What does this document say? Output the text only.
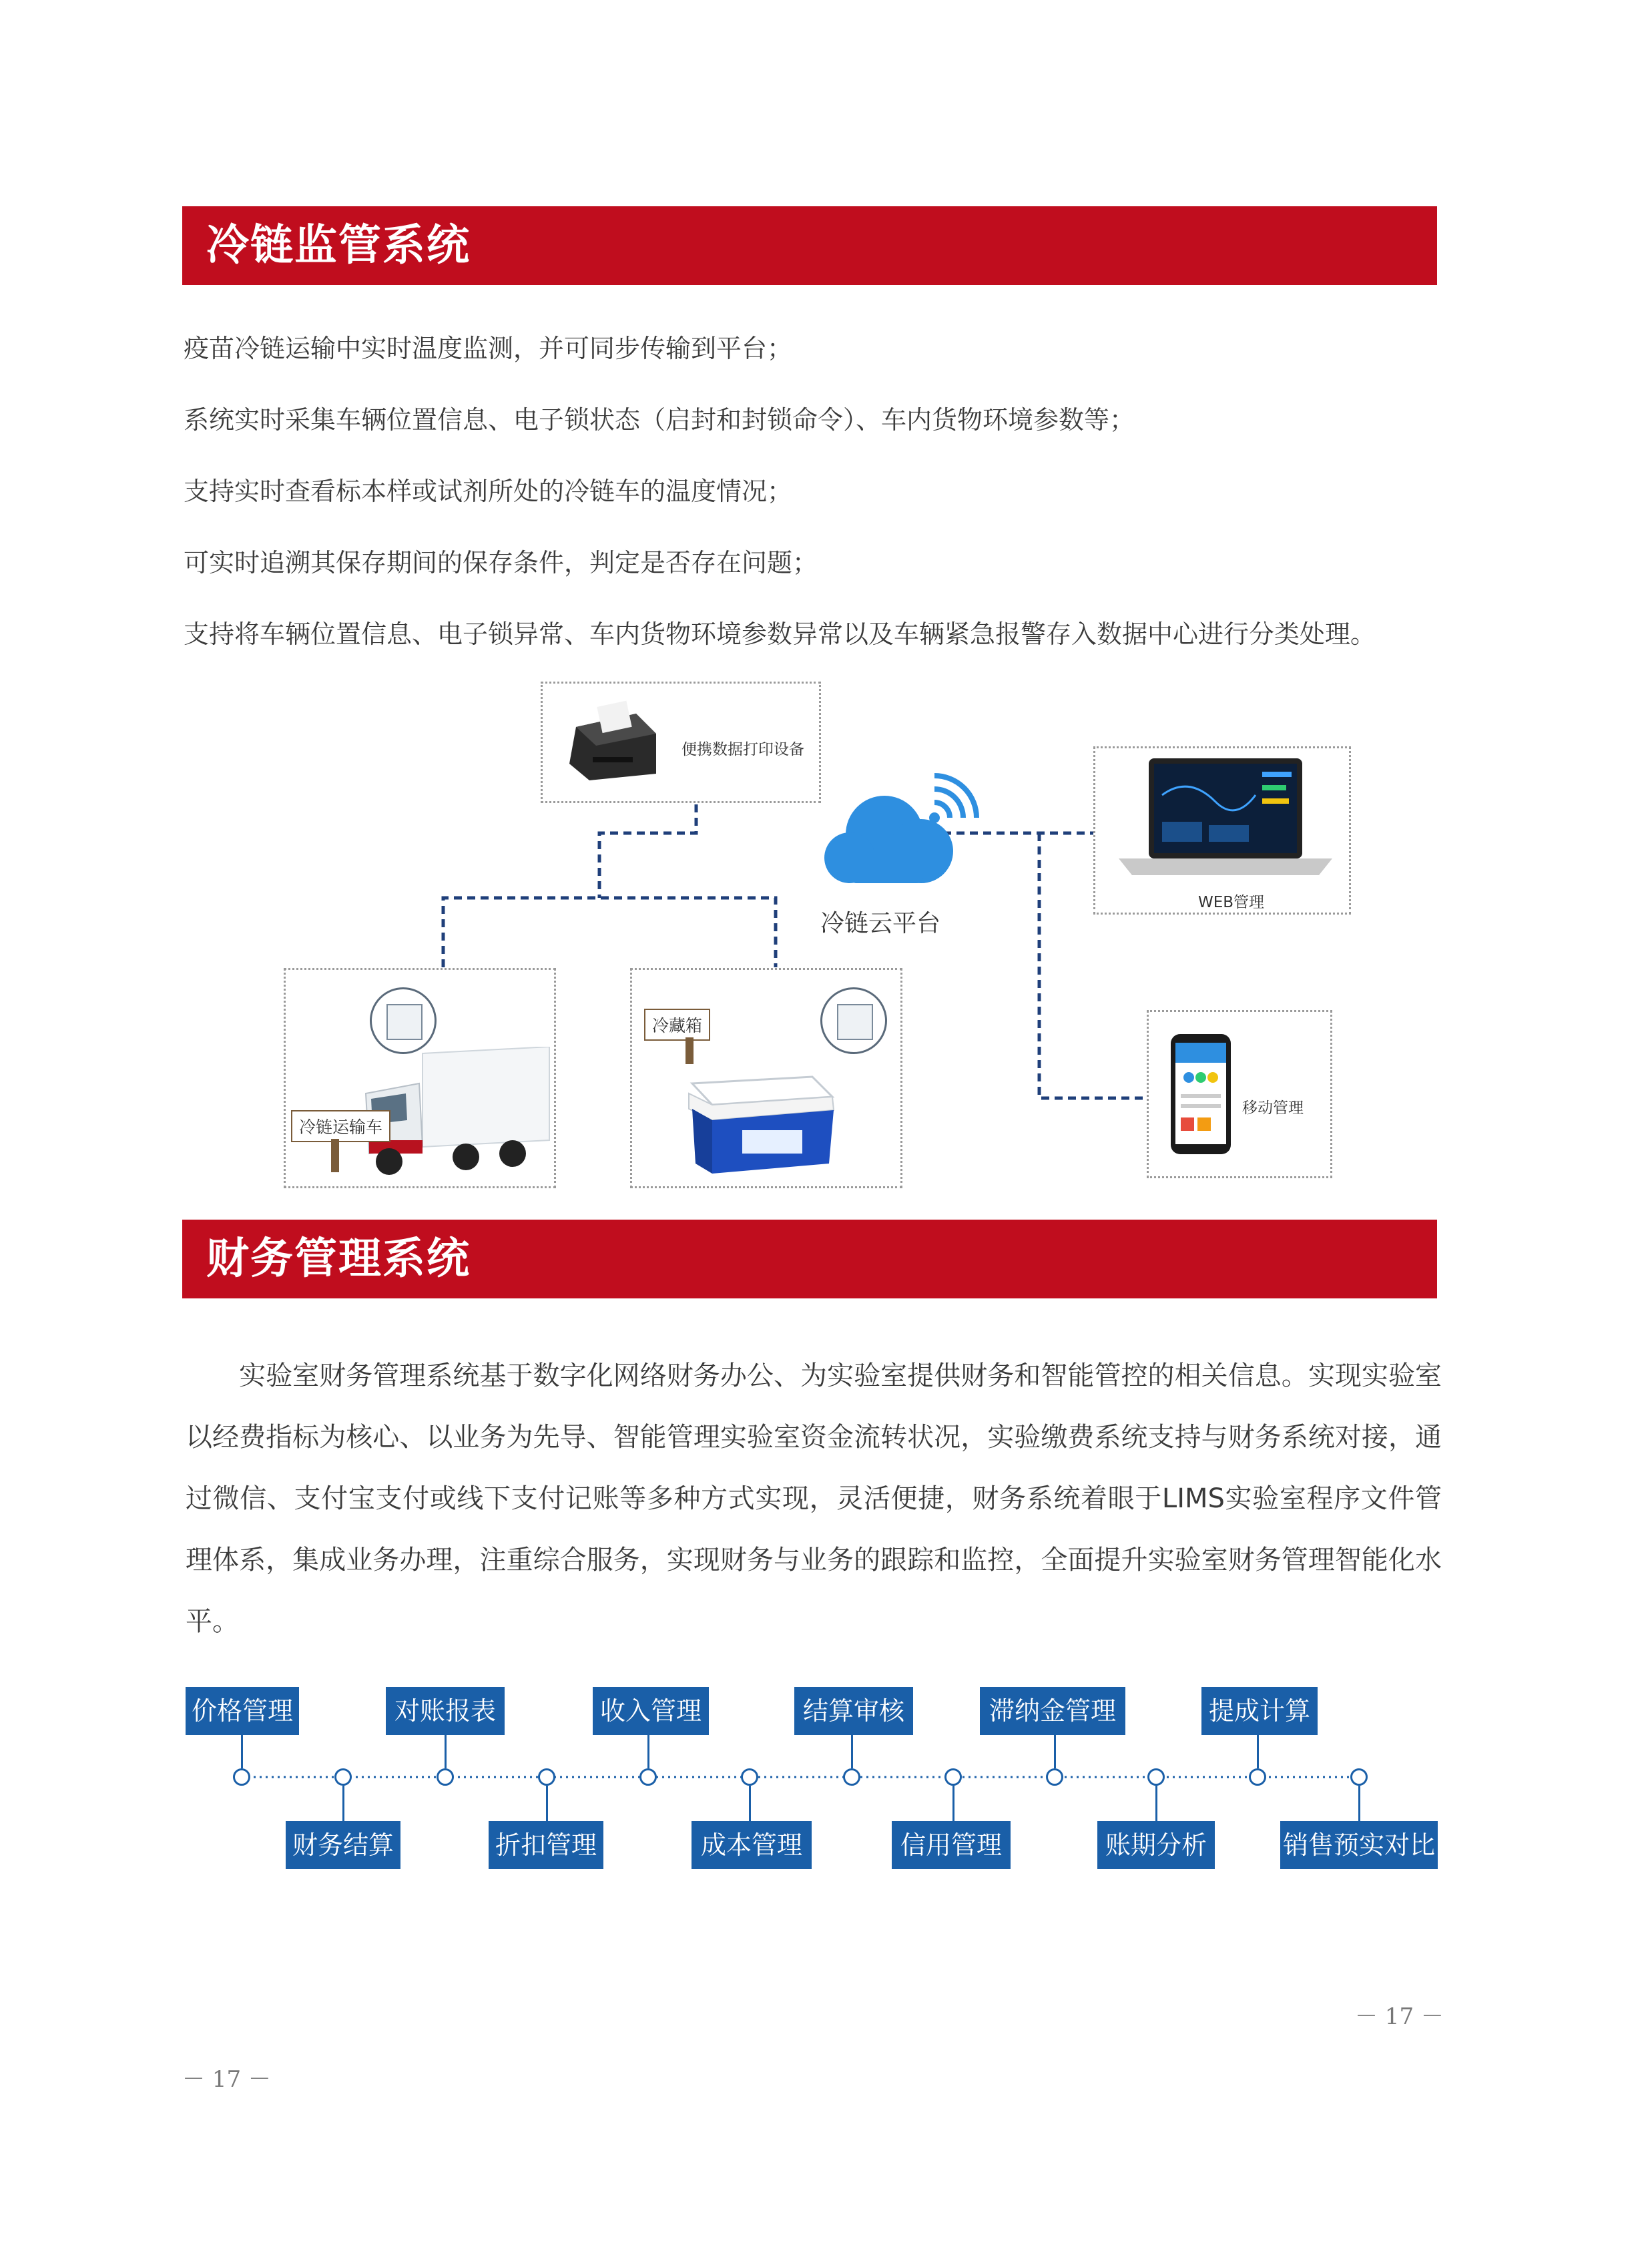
冷链监管系统
疫苗冷链运输中实时温度监测，并可同步传输到平台；
系统实时采集车辆位置信息、电子锁状态（启封和封锁命令）、车内货物环境参数等；
支持实时查看标本样或试剂所处的冷链车的温度情况；
可实时追溯其保存期间的保存条件，判定是否存在问题；
支持将车辆位置信息、电子锁异常、车内货物环境参数异常以及车辆紧急报警存入数据中心进行分类处理。
便携数据打印设备
冷链云平台
WEB管理
移动管理
冷链运输车
冷藏箱
财务管理系统
实验室财务管理系统基于数字化网络财务办公、为实验室提供财务和智能管控的相关信息。实现实验室以经费指标为核心、以业务为先导、智能管理实验室资金流转状况，实验缴费系统支持与财务系统对接，通过微信、支付宝支付或线下支付记账等多种方式实现，灵活便捷，财务系统着眼于LIMS实验室程序文件管理体系，集成业务办理，注重综合服务，实现财务与业务的跟踪和监控，全面提升实验室财务管理智能化水平。
价格管理	对账报表	收入管理	结算审核	滞纳金管理	提成计算
财务结算	折扣管理	成本管理	信用管理	账期分析	销售预实对比
－ 17 －
－ 17 －
